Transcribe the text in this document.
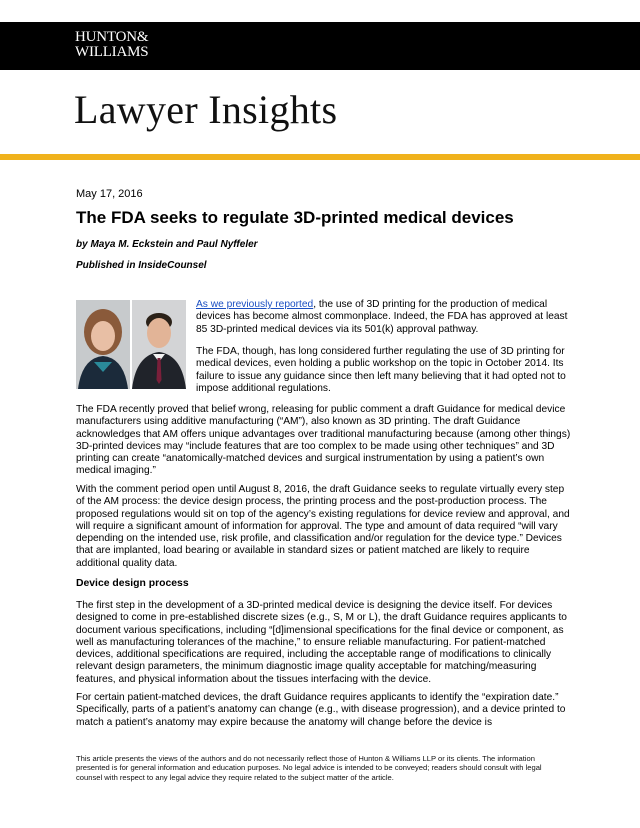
HUNTON&
WILLIAMS
Lawyer Insights
May 17, 2016
The FDA seeks to regulate 3D-printed medical devices
by Maya M. Eckstein and Paul Nyffeler
Published in InsideCounsel

As we previously reported, the use of 3D printing for the production of medical devices has become almost commonplace. Indeed, the FDA has approved at least 85 3D-printed medical devices via its 501(k) approval pathway.

The FDA, though, has long considered further regulating the use of 3D printing for medical devices, even holding a public workshop on the topic in October 2014. Its failure to issue any guidance since then left many believing that it had opted not to impose additional regulations.

The FDA recently proved that belief wrong, releasing for public comment a draft Guidance for medical device manufacturers using additive manufacturing (“AM”), also known as 3D printing. The draft Guidance acknowledges that AM offers unique advantages over traditional manufacturing because (among other things) 3D-printed devices may “include features that are too complex to be made using other techniques” and 3D printing can create “anatomically-matched devices and surgical instrumentation by using a patient’s own medical imaging.”

With the comment period open until August 8, 2016, the draft Guidance seeks to regulate virtually every step of the AM process: the device design process, the printing process and the post-production process. The proposed regulations would sit on top of the agency’s existing regulations for device review and approval, and will require a significant amount of information for approval. The type and amount of data required “will vary depending on the intended use, risk profile, and classification and/or regulation for the device type.” Devices that are implanted, load bearing or available in standard sizes or patient matched are likely to require additional quality data.

Device design process

The first step in the development of a 3D-printed medical device is designing the device itself. For devices designed to come in pre-established discrete sizes (e.g., S, M or L), the draft Guidance requires applicants to document various specifications, including “[d]imensional specifications for the final device or component, as well as manufacturing tolerances of the machine,” to ensure reliable manufacturing. For patient-matched devices, additional specifications are required, including the acceptable range of modifications to clinically relevant design parameters, the minimum diagnostic image quality acceptable for matching/measuring features, and physical information about the tissues interfacing with the device.

For certain patient-matched devices, the draft Guidance requires applicants to identify the “expiration date.” Specifically, parts of a patient’s anatomy can change (e.g., with disease progression), and a device printed to match a patient’s anatomy may expire because the anatomy will change before the device is

This article presents the views of the authors and do not necessarily reflect those of Hunton & Williams LLP or its clients. The information presented is for general information and education purposes. No legal advice is intended to be conveyed; readers should consult with legal counsel with respect to any legal advice they require related to the subject matter of the article.
